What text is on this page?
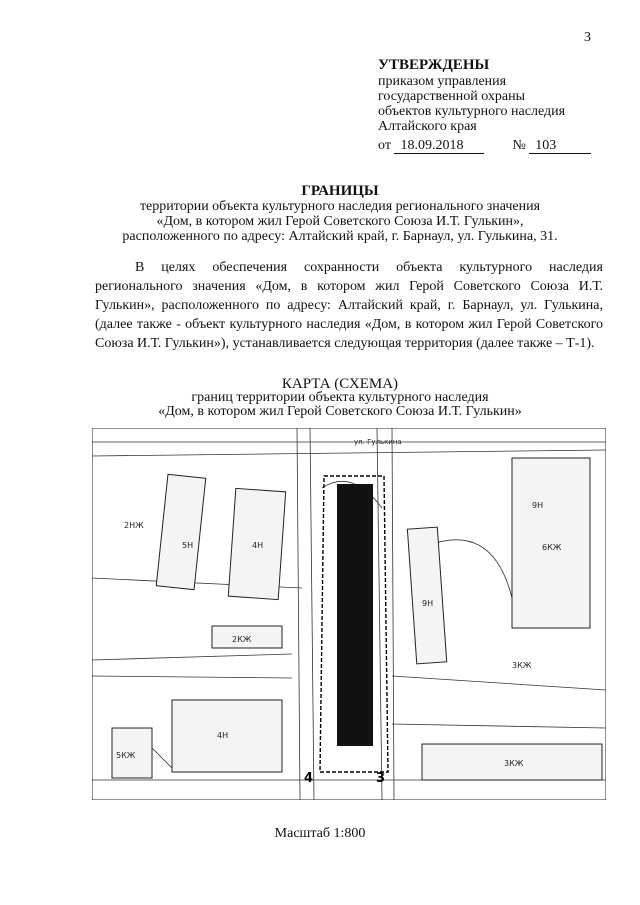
3
УТВЕРЖДЕНЫ
приказом управления
государственной охраны
объектов культурного наследия
Алтайского края
от 18.09.2018	№ 103
ГРАНИЦЫ
территории объекта культурного наследия регионального значения
«Дом, в котором жил Герой Советского Союза И.Т. Гулькин»,
расположенного по адресу: Алтайский край, г. Барнаул, ул. Гулькина, 31.
В целях обеспечения сохранности объекта культурного наследия регионального значения «Дом, в котором жил Герой Советского Союза И.Т. Гулькин», расположенного по адресу: Алтайский край, г. Барнаул, ул. Гулькина, (далее также - объект культурного наследия «Дом, в котором жил Герой Советского Союза И.Т. Гулькин»), устанавливается следующая территория (далее также – Т-1).
КАРТА (СХЕМА)
границ территории объекта культурного наследия
«Дом, в котором жил Герой Советского Союза И.Т. Гулькин»
5Н	4Н
2НЖ
9Н
5КЖ
4Н
6КЖ
3КЖ
9Н
2КЖ
3КЖ
ул. Гулькина
4	3
Масштаб 1:800
